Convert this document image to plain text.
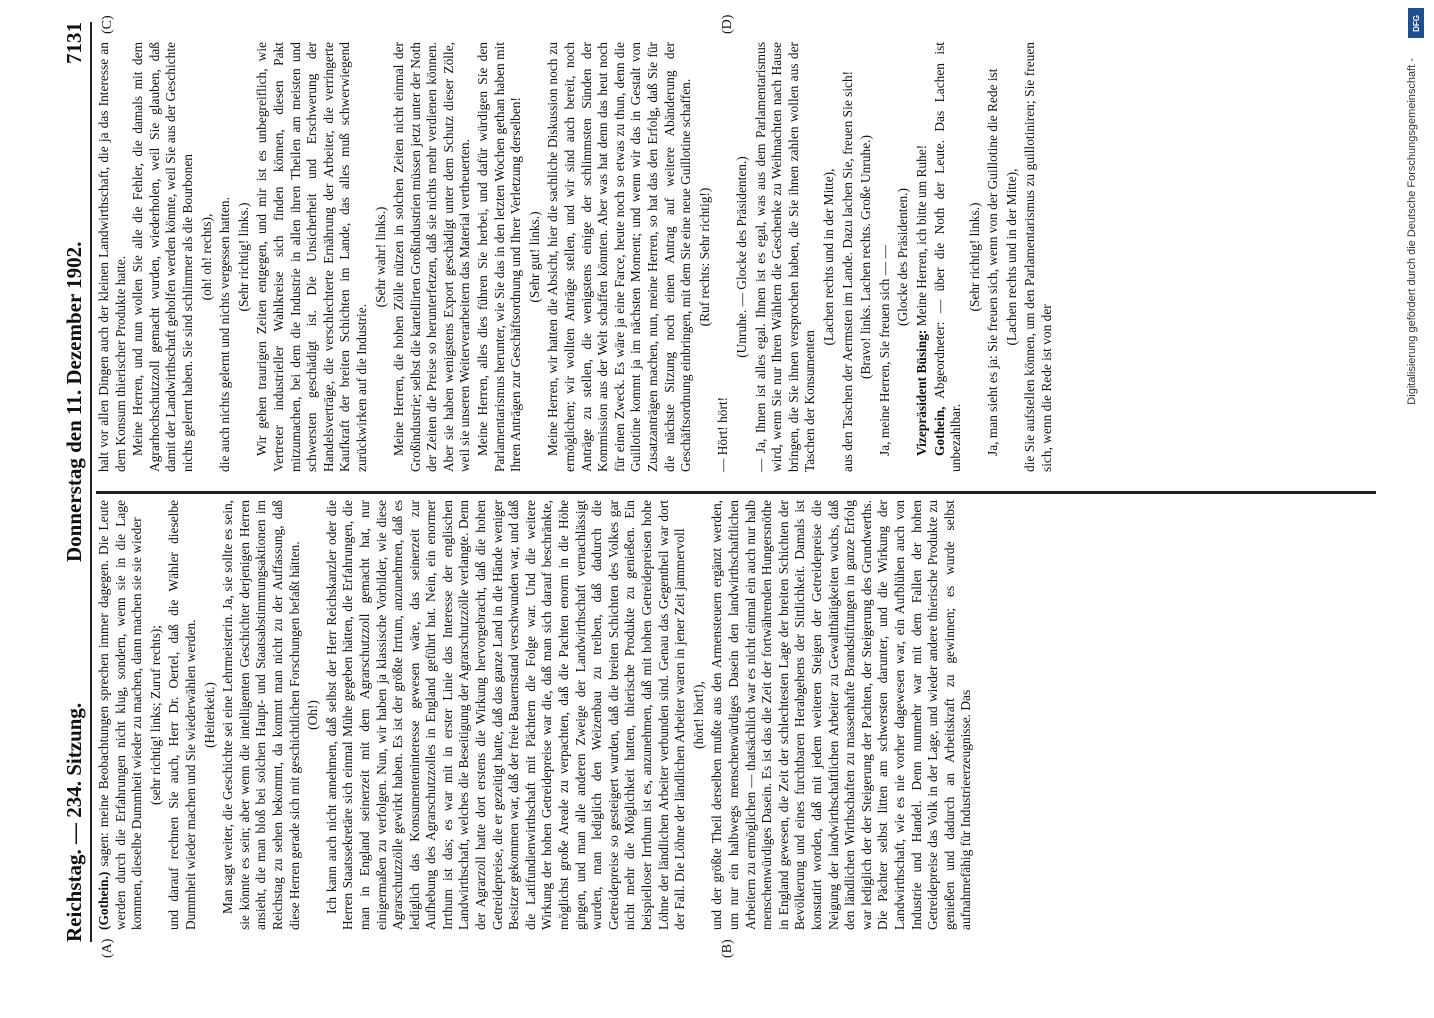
Reichstag. — 234. Sitzung.
Donnerstag den 11. Dezember 1902.
7131
(A)	(B)
(C)	(D)

(Gothein.) sagen: meine Beobachtungen sprechen immer dagegen. Die Leute werden durch die Erfahrungen nicht klug, sondern, wenn sie in die Lage kommen, dieselbe Dummheit wieder zu machen, dann machen sie sie wieder (sehr richtig! links; Zuruf rechts); und darauf rechnen Sie auch, Herr Dr. Oertel, daß die Wähler dieselbe Dummheit wieder machen und Sie wiederwählen werden. (Heiterkeit.) Man sagt weiter, die Geschichte sei eine Lehrmeisterin. Ja, sie sollte es sein, sie könnte es sein; aber wenn die intelligenten Geschichter derjenigen Herren ansieht, die man bloß bei solchen Haupt- und Staatsabstimmungsaktionen im Reichstag zu sehen bekommt, da kommt man nicht zu der Auffassung, daß diese Herren gerade sich mit geschichtlichen Forschungen befaßt hätten. (Oh!) Ich kann auch nicht annehmen, daß selbst der Herr Reichskanzler oder die Herren Staatssekretäre sich einmal Mühe gegeben hätten, die Erfahrungen, die man in England seinerzeit mit dem Agrarschutzzoll gemacht hat, nur einigermaßen zu verfolgen. Nun, wir haben ja klassische Vorbilder, wie diese Agrarschutzzölle gewirkt haben. Es ist der größte Irrtum, anzunehmen, daß es lediglich das Konsumenteninteresse gewesen wäre, das seinerzeit zur Aufhebung des Agrarschutzzolles in England geführt hat. Nein, ein enormer Irrthum ist das; es war mit in erster Linie das Interesse der englischen Landwirthschaft, welches die Beseitigung der Agrarschutzzölle verlangte. Denn der Agrarzoll hatte dort erstens die Wirkung hervorgebracht, daß die hohen Getreidepreise, die er gezeitigt hatte, daß das ganze Land in die Hände weniger Besitzer gekommen war, daß der freie Bauernstand verschwunden war, und daß die Latifundienwirthschaft mit Pächtern die Folge war. Und die weitere Wirkung der hohen Getreidepreise war die, daß man sich darauf beschränkte, möglichst große Areale zu verpachten, daß die Pachten enorm in die Höhe gingen, und man alle anderen Zweige der Landwirthschaft vernachlässigt wurden, man lediglich den Weizenbau zu treiben, daß dadurch die Getreidepreise so gesteigert wurden, daß die breiten Schichten des Volkes gar nicht mehr die Möglichkeit hatten, thierische Produkte zu genießen. Ein beispielloser Irrthum ist es, anzunehmen, daß mit hohen Getreidepreisen hohe Löhne der ländlichen Arbeiter verbunden sind. Genau das Gegentheil war dort der Fall. Die Löhne der ländlichen Arbeiter waren in jener Zeit jammervoll (hört! hört!), und der größte Theil derselben mußte aus den Armensteuern ergänzt werden, um nur ein halbwegs menschenwürdiges Dasein den landwirthschaftlichen Arbeitern zu ermöglichen — thatsächlich war es nicht einmal ein auch nur halb menschenwürdiges Dasein. Es ist das die Zeit der fortwährenden Hungersnöthe in England gewesen, die Zeit der schlechtesten Lage der breiten Schichten der Bevölkerung und eines furchtbaren Herabgehens der Sittlichkeit. Damals ist konstatirt worden, daß mit jedem weiteren Steigen der Getreidepreise die Neigung der landwirthschaftlichen Arbeiter zu Gewaltthätigkeiten wuchs, daß den ländlichen Wirthschaften zu massenhafte Brandstiftungen in ganze Erfolg war lediglich der der Steigerung der Pachten, der Steigerung des Grundwerths. Die Pächter selbst litten am schwersten darunter, und die Wirkung der Landwirthschaft, wie es nie vorher dagewesen war, ein Aufblühen auch von Industrie und Handel. Denn nunmehr war mit dem Fallen der hohen Getreidepreise das Volk in der Lage, und wieder andere thierische Produkte zu genießen und dadurch an Arbeitskraft zu gewinnen; es wurde selbst aufnahmefähig für Industrieerzeugnisse. Das

halt vor allen Dingen auch der kleinen Landwirthschaft, die ja das Interesse an dem Konsum thierischer Produkte hatte. Meine Herren, und nun wollen Sie alle die Fehler, die damals mit dem Agrarhochschutzzoll gemacht wurden, wiederholen, weil Sie glauben, daß damit der Landwirthschaft geholfen werden könnte, weil Sie aus der Geschichte nichts gelernt haben. Sie sind schlimmer als die Bourbonen (oh! oh! rechts), die auch nichts gelernt und nichts vergessen hatten. (Sehr richtig! links.) Wir gehen traurigen Zeiten entgegen, und mir ist es unbegreiflich, wie Vertreter industrieller Wahlkreise sich finden können, diesen Pakt mitzumachen, bei dem die Industrie in allen ihren Theilen am meisten und schwersten geschädigt ist. Die Unsicherheit und Erschwerung der Handelsverträge, die verschlechterte Ernährung der Arbeiter, die verringerte Kaufkraft der breiten Schichten im Lande, das alles muß schwerwiegend zurückwirken auf die Industrie.

(Sehr wahr! links.) Meine Herren, die hohen Zölle nützen in solchen Zeiten nicht einmal der Großindustrie; selbst die kartellirten Großindustrien müssen jetzt unter der Noth der Zeiten die Preise so herunterfetzen, daß sie nichts mehr verdienen können. Aber sie haben wenigstens Export geschädigt unter dem Schutz dieser Zölle, weil sie unseren Weiterverarbeitern das Material vertheuerten. Meine Herren, alles dies führen Sie herbei, und dafür würdigen Sie den Parlamentarismus herunter, wie Sie das in den letzten Wochen gethan haben mit Ihren Anträgen zur Geschäftsordnung und Ihrer Verletzung derselben! (Sehr gut! links.) Meine Herren, wir hatten die Absicht, hier die sachliche Diskussion noch zu ermöglichen; wir wollten Anträge stellen, und wir sind auch bereit, noch Anträge zu stellen, die wenigstens einige der schlimmsten Sünden der Kommission aus der Welt schaffen könnten. Aber was hat denn das heut noch für einen Zweck. Es wäre ja eine Farce, heute noch so etwas zu thun, denn die Guillotine kommt ja im nächsten Moment; und wenn wir das in Gestalt von Zusatzanträgen machen, nun, meine Herren, so hat das den Erfolg, daß Sie für die nächste Sitzung noch einen Antrag auf weitere Abänderung der Geschäftsordnung einbringen, mit dem Sie eine neue Guillotine schaffen. (Ruf rechts: Sehr richtig!)

— Hört! hört!

(Unruhe. — Glocke des Präsidenten.) — Ja, Ihnen ist alles egal. Ihnen ist es egal, was aus dem Parlamentarismus wird, wenn Sie nur Ihren Wählern die Geschenke zu Weihnachten nach Hause bringen, die Sie ihnen versprochen haben, die Sie ihnen zahlen wollen aus der Taschen der Konsumenten

(Lachen rechts und in der Mitte), aus den Taschen der Aermsten im Lande. Dazu lachen Sie, freuen Sie sich! (Bravo! links. Lachen rechts. Große Unruhe.) Ja, meine Herren, Sie freuen sich — — (Glocke des Präsidenten.)

Vizepräsident Büsing: Meine Herren, ich bitte um Ruhe!

Gothein, Abgeordneter: — über die Noth der Leute. Das Lachen ist unbezahlbar.

(Sehr richtig! links.) Ja, man sieht es ja: Sie freuen sich, wenn von der Guillotine die Rede ist (Lachen rechts und in der Mitte), die Sie aufstellen können, um den Parlamentarismus zu guillotiniren; Sie freuen sich, wenn die Rede ist von der	Digitalisierung gefördert durch die Deutsche Forschungsgemeinschaft -
DFG
